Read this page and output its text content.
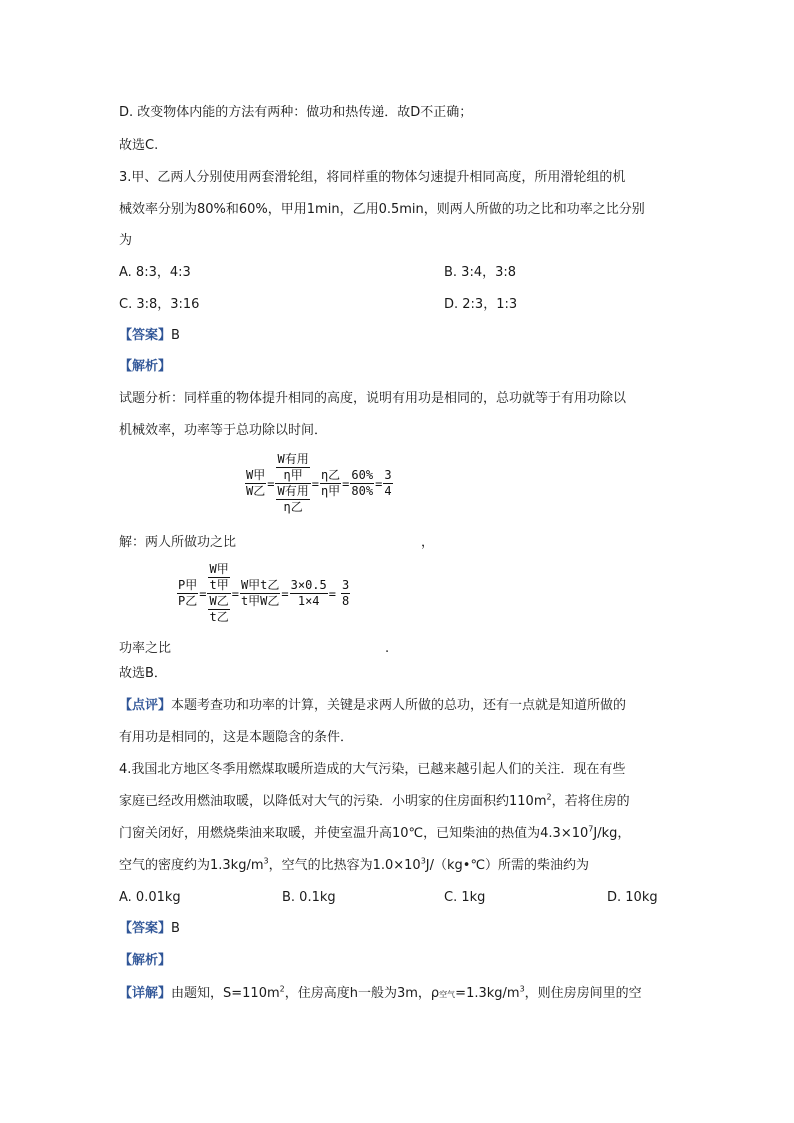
D. 改变物体内能的方法有两种：做功和热传递．故D不正确；
故选C.
3.甲、乙两人分别使用两套滑轮组，将同样重的物体匀速提升相同高度，所用滑轮组的机
械效率分别为80%和60%，甲用1min，乙用0.5min，则两人所做的功之比和功率之比分别
为
A. 8:3，4:3	B. 3:4，3:8
C. 3:8，3:16	D. 2:3，1:3
【答案】B
【解析】
试题分析：同样重的物体提升相同的高度，说明有用功是相同的，总功就等于有用功除以
机械效率，功率等于总功除以时间．
$\frac{\text{W甲}}{\text{W乙}} = \frac{\frac{\text{W有用}}{\text{η甲}}}{\frac{\text{W有用}}{\text{η乙}}} = \frac{\text{η乙}}{\text{η甲}} = \frac{60\%}{80\%} = \frac{3}{4}$
解：两人所做功之比	，
$\frac{\text{P甲}}{\text{P乙}} = \frac{\frac{\text{W甲}}{\text{t甲}}}{\frac{\text{W乙}}{\text{t乙}}} = \frac{\text{W甲t乙}}{\text{t甲W乙}} = \frac{3\times 0.5}{1\times 4} = \frac{3}{8}$
功率之比	.
故选B．
【点评】本题考查功和功率的计算，关键是求两人所做的总功，还有一点就是知道所做的
有用功是相同的，这是本题隐含的条件．
4.我国北方地区冬季用燃煤取暖所造成的大气污染，已越来越引起人们的关注．现在有些
家庭已经改用燃油取暖，以降低对大气的污染．小明家的住房面积约$110m^2$，若将住房的
门窗关闭好，用燃烧柴油来取暖，并使室温升高10℃，已知柴油的热值为$4.3\times 10^7J/kg$，
空气的密度约为$1.3kg/m^3$，空气的比热容为$1.0\times 10^3J/(kg•℃)$所需的柴油约为
A. 0.01kg	B. 0.1kg	C. 1kg	D. 10kg
【答案】B
【解析】
【详解】由题知，$S=110m^2$，住房高度h一般为3m，ρ空气$=1.3kg/m^3$，则住房房间里的空
